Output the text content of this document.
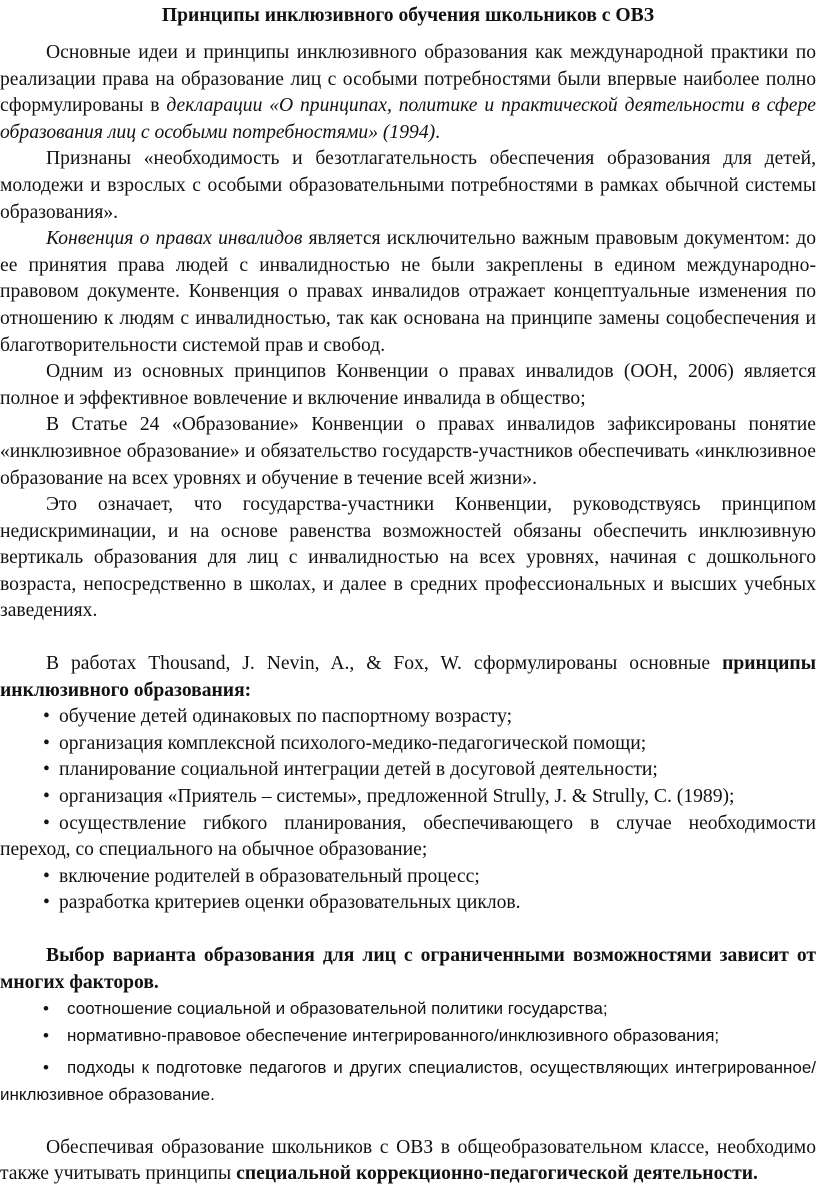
Принципы инклюзивного обучения школьников с ОВЗ

Основные идеи и принципы инклюзивного образования как международной практики по реализации права на образование лиц с особыми потребностями были впервые наиболее полно сформулированы в декларации «О принципах, политике и практической деятельности в сфере образования лиц с особыми потребностями» (1994).

Признаны «необходимость и безотлагательность обеспечения образования для детей, молодежи и взрослых с особыми образовательными потребностями в рамках обычной системы образования».

Конвенция о правах инвалидов является исключительно важным правовым документом: до ее принятия права людей с инвалидностью не были закреплены в едином международно-правовом документе. Конвенция о правах инвалидов отражает концептуальные изменения по отношению к людям с инвалидностью, так как основана на принципе замены соцобеспечения и благотворительности системой прав и свобод.

Одним из основных принципов Конвенции о правах инвалидов (ООН, 2006) является полное и эффективное вовлечение и включение инвалида в общество;

В Статье 24 «Образование» Конвенции о правах инвалидов зафиксированы понятие «инклюзивное образование» и обязательство государств-участников обеспечивать «инклюзивное образование на всех уровнях и обучение в течение всей жизни».

Это означает, что государства-участники Конвенции, руководствуясь принципом недискриминации, и на основе равенства возможностей обязаны обеспечить инклюзивную вертикаль образования для лиц с инвалидностью на всех уровнях, начиная с дошкольного возраста, непосредственно в школах, и далее в средних профессиональных и высших учебных заведениях.

В работах Thousand, J. Nevin, A., & Fox, W. сформулированы основные принципы инклюзивного образования:

• обучение детей одинаковых по паспортному возрасту;
• организация комплексной психолого-медико-педагогической помощи;
• планирование социальной интеграции детей в досуговой деятельности;
• организация «Приятель – системы», предложенной Strully, J. & Strully, C. (1989);
• осуществление гибкого планирования, обеспечивающего в случае необходимости переход, со специального на обычное образование;
• включение родителей в образовательный процесс;
• разработка критериев оценки образовательных циклов.

Выбор варианта образования для лиц с ограниченными возможностями зависит от многих факторов.

• соотношение социальной и образовательной политики государства;
• нормативно-правовое обеспечение интегрированного/инклюзивного образования;
• подходы к подготовке педагогов и других специалистов, осуществляющих интегрированное/инклюзивное образование.

Обеспечивая образование школьников с ОВЗ в общеобразовательном классе, необходимо также учитывать принципы специальной коррекционно-педагогической деятельности.
